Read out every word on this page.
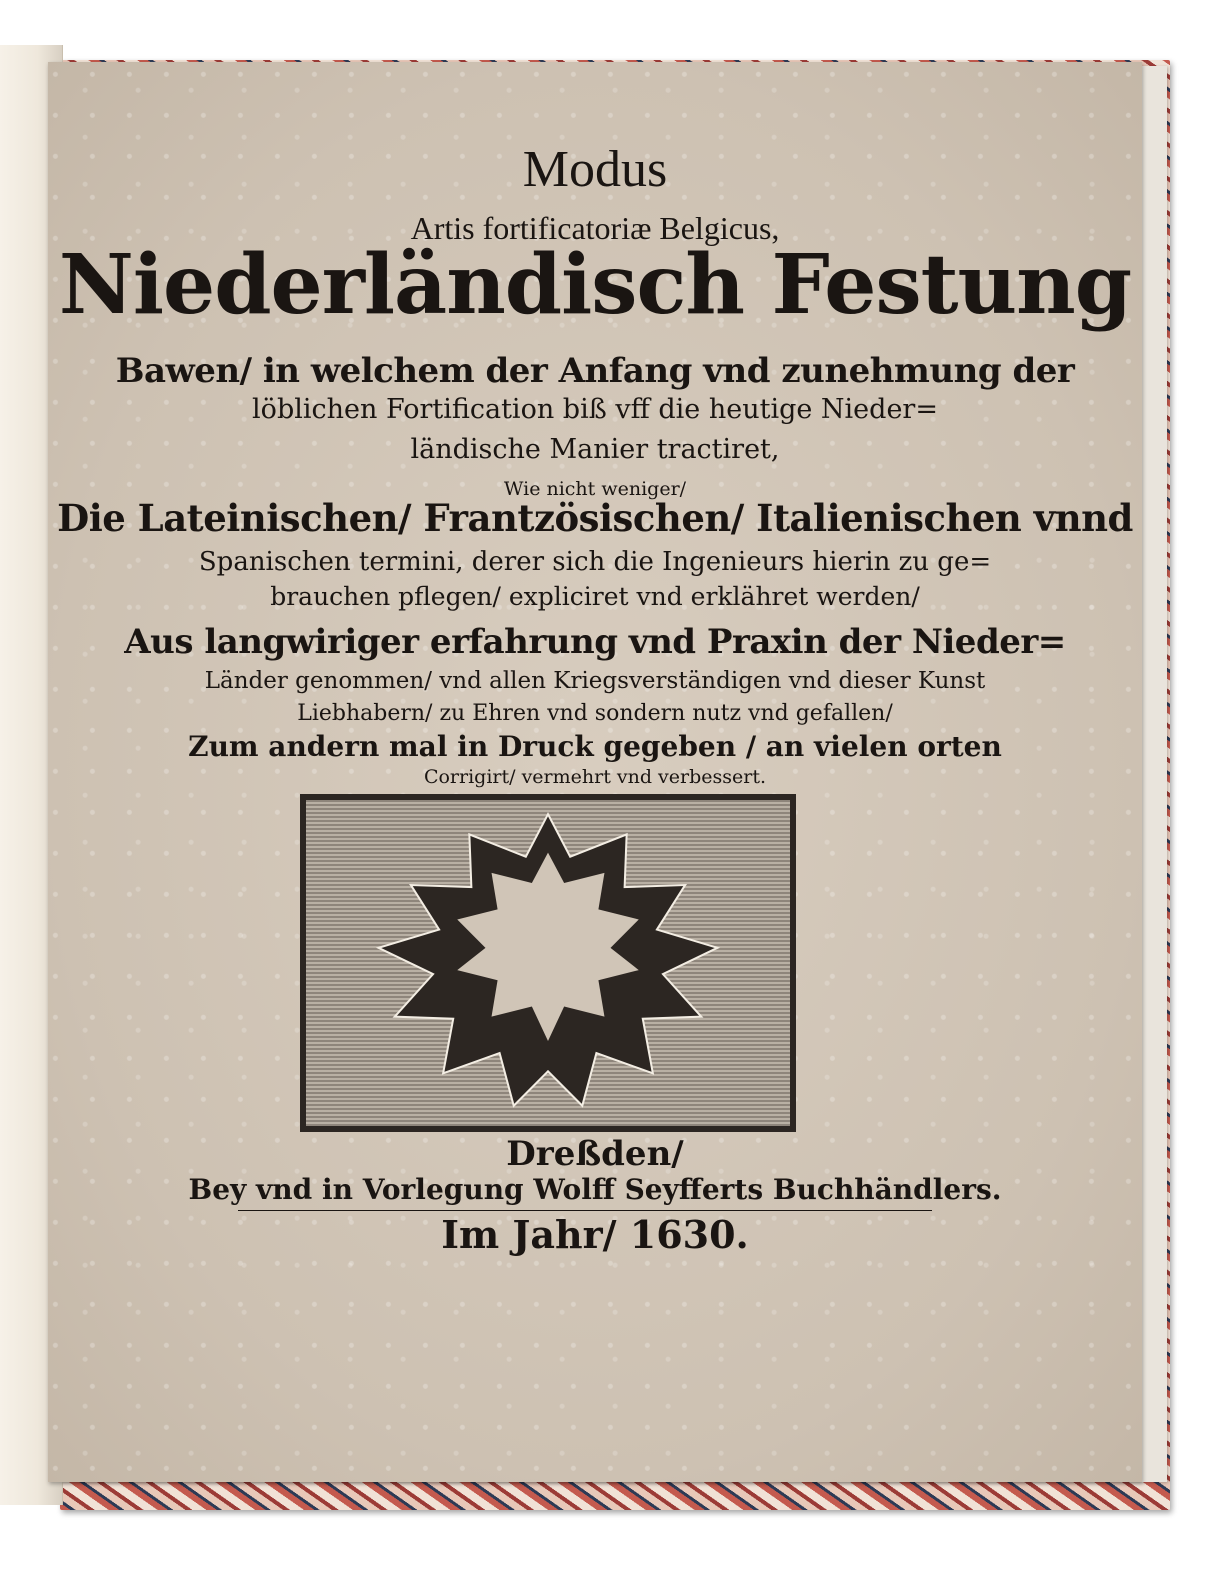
Modus
Artis fortificatoriæ Belgicus,
Niederländisch Festung
Bawen/ in welchem der Anfang vnd zunehmung der
löblichen Fortification biß vff die heutige Nieder=
ländische Manier tractiret,
Wie nicht weniger/
Die Lateinischen/ Frantzösischen/ Italienischen vnnd
Spanischen termini, derer sich die Ingenieurs hierin zu ge=
brauchen pflegen/ expliciret vnd erklähret werden/
Aus langwiriger erfahrung vnd Praxin der Nieder=
Länder genommen/ vnd allen Kriegsverständigen vnd dieser Kunst
Liebhabern/ zu Ehren vnd sondern nutz vnd gefallen/
Zum andern mal in Druck gegeben / an vielen orten
Corrigirt/ vermehrt vnd verbessert.
Dreßden/
Bey vnd in Vorlegung Wolff Seyfferts Buchhändlers.
Im Jahr/ 1630.
